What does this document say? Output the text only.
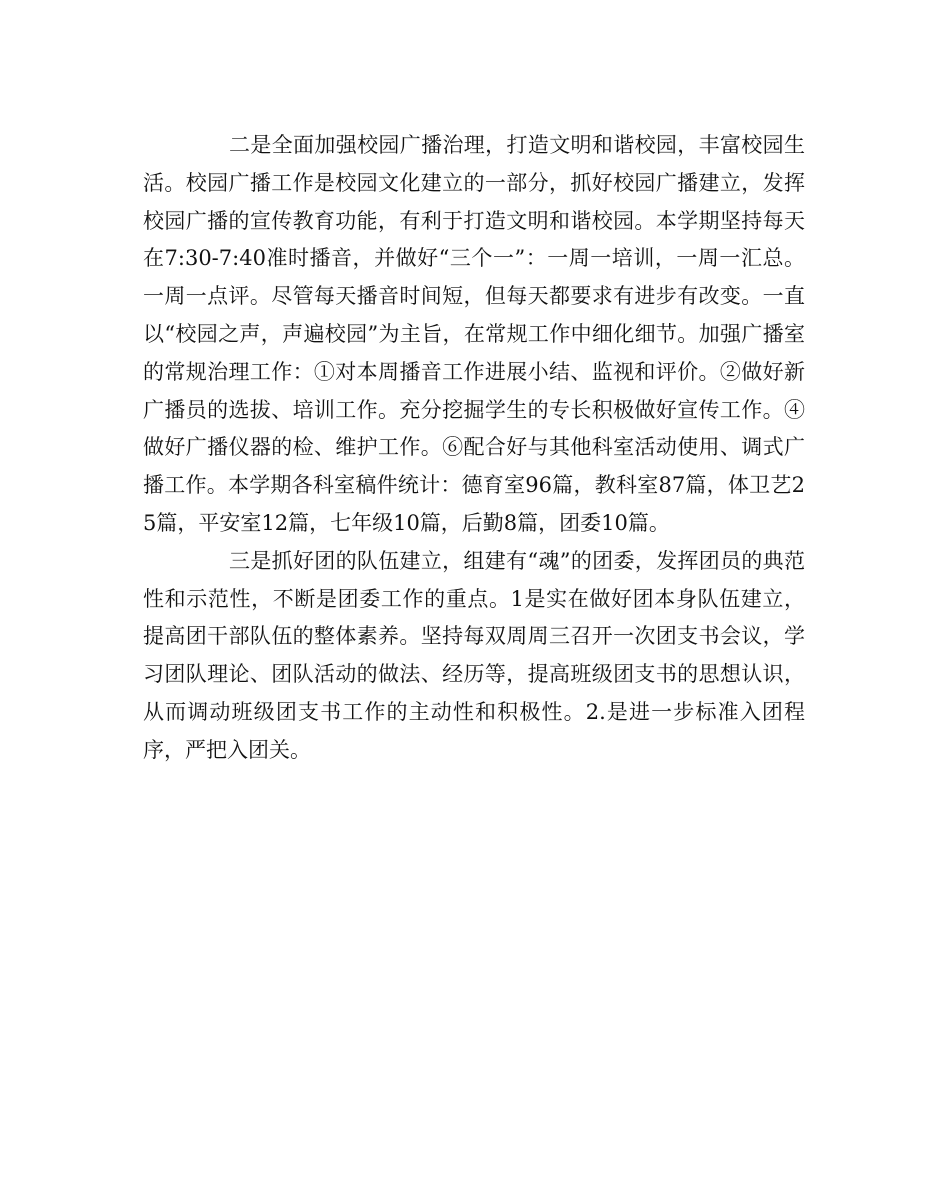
二是全面加强校园广播治理，打造文明和谐校园，丰富校园生活。校园广播工作是校园文化建立的一部分，抓好校园广播建立，发挥校园广播的宣传教育功能，有利于打造文明和谐校园。本学期坚持每天在7:30-7:40准时播音，并做好“三个一”：一周一培训，一周一汇总。一周一点评。尽管每天播音时间短，但每天都要求有进步有改变。一直以“校园之声，声遍校园”为主旨，在常规工作中细化细节。加强广播室的常规治理工作：①对本周播音工作进展小结、监视和评价。②做好新广播员的选拔、培训工作。充分挖掘学生的专长积极做好宣传工作。④做好广播仪器的检、维护工作。⑥配合好与其他科室活动使用、调式广播工作。本学期各科室稿件统计：德育室96篇，教科室87篇，体卫艺25篇，平安室12篇，七年级10篇，后勤8篇，团委10篇。

三是抓好团的队伍建立，组建有“魂”的团委，发挥团员的典范性和示范性，不断是团委工作的重点。1是实在做好团本身队伍建立，提高团干部队伍的整体素养。坚持每双周周三召开一次团支书会议，学习团队理论、团队活动的做法、经历等，提高班级团支书的思想认识，从而调动班级团支书工作的主动性和积极性。2.是进一步标准入团程序，严把入团关。
